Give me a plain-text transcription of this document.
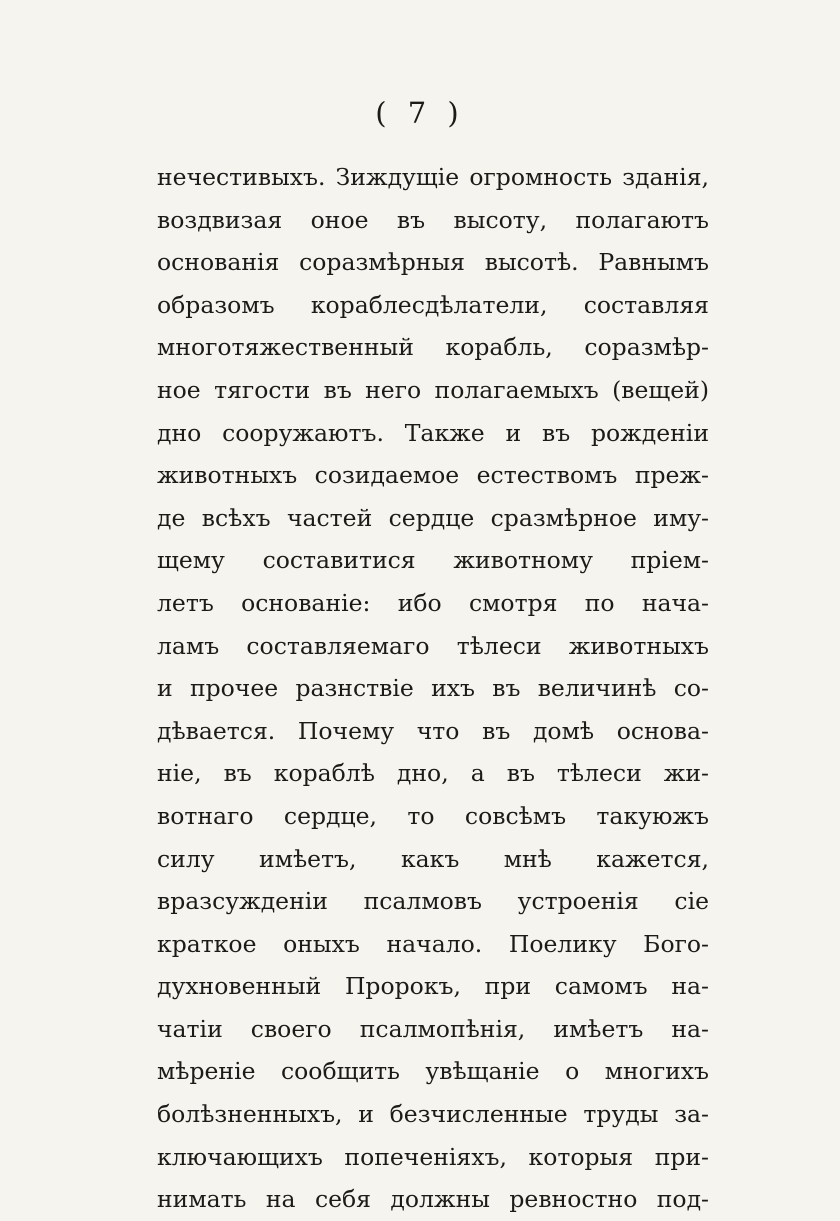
( 7 )
нечестивыхъ. Зиждущіе огромность зданія,
воздвизая оное въ высоту, полагаютъ
основанія соразмѣрныя высотѣ. Равнымъ
образомъ кораблесдѣлатели, составляя
многотяжественный корабль, соразмѣр-
ное тягости въ него полагаемыхъ (вещей)
дно сооружаютъ. Также и въ рожденіи
животныхъ созидаемое естествомъ преж-
де всѣхъ частей сердце сразмѣрное иму-
щему составитися животному пріем-
летъ основаніе: ибо смотря по нача-
ламъ составляемаго тѣлеси животныхъ
и прочее разнствіе ихъ въ величинѣ со-
дѣвается. Почему что въ домѣ основа-
ніе, въ кораблѣ дно, а въ тѣлеси жи-
вотнаго сердце, то совсѣмъ такуюжъ
силу имѣетъ, какъ мнѣ кажется,
вразсужденіи псалмовъ устроенія сіе
краткое оныхъ начало. Поелику Бого-
духновенный Пророкъ, при самомъ на-
чатіи своего псалмопѣнія, имѣетъ на-
мѣреніе сообщить увѣщаніе о многихъ
болѣзненныхъ, и безчисленные труды за-
ключающихъ попеченіяхъ, которыя при-
нимать на себя должны ревностно под-
